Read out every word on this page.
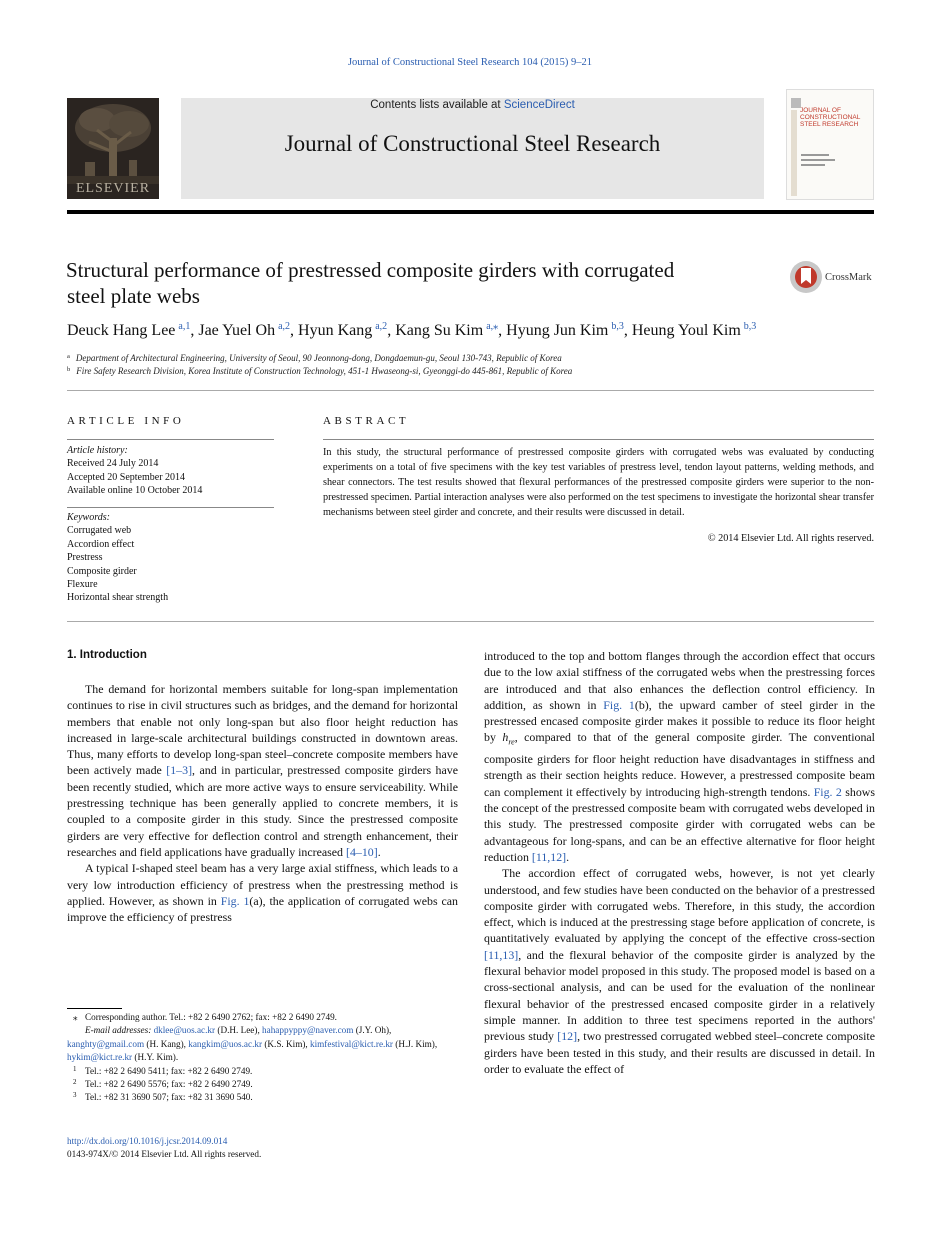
Journal of Constructional Steel Research 104 (2015) 9–21
ELSEVIER
Contents lists available at ScienceDirect
Journal of Constructional Steel Research
JOURNAL OF CONSTRUCTIONAL STEEL RESEARCH
Structural performance of prestressed composite girders with corrugated
steel plate webs
CrossMark
Deuck Hang Lee $^{a,1}$, Jae Yuel Oh $^{a,2}$, Hyun Kang $^{a,2}$, Kang Su Kim $^{a,⁎}$, Hyung Jun Kim $^{b,3}$, Heung Youl Kim $^{b,3}$
$^a$ Department of Architectural Engineering, University of Seoul, 90 Jeonnong-dong, Dongdaemun-gu, Seoul 130-743, Republic of Korea
$^b$ Fire Safety Research Division, Korea Institute of Construction Technology, 451-1 Hwaseong-si, Gyeonggi-do 445-861, Republic of Korea
ARTICLE INFO	ABSTRACT
Article history:
Received 24 July 2014
Accepted 20 September 2014
Available online 10 October 2014
Keywords:
Corrugated web
Accordion effect
Prestress
Composite girder
Flexure
Horizontal shear strength
In this study, the structural performance of prestressed composite girders with corrugated webs was evaluated by conducting experiments on a total of five specimens with the key test variables of prestress level, tendon layout patterns, welding methods, and shear connectors. The test results showed that flexural performances of the prestressed composite girders were superior to the non-prestressed specimen. Partial interaction analyses were also performed on the test specimens to investigate the horizontal shear transfer mechanisms between steel girder and concrete, and their results were discussed in detail.
© 2014 Elsevier Ltd. All rights reserved.
1. Introduction

The demand for horizontal members suitable for long-span implementation continues to rise in civil structures such as bridges, and the demand for horizontal members that enable not only long-span but also floor height reduction has increased in large-scale architectural buildings constructed in downtown areas. Thus, many efforts to develop long-span steel–concrete composite members have been actively made [1–3], and in particular, prestressed composite girders have been recently studied, which are more active ways to ensure serviceability. While prestressing technique has been generally applied to concrete members, it is coupled to a composite girder in this study. Since the prestressed composite girders are very effective for deflection control and strength enhancement, their researches and field applications have gradually increased [4–10].

A typical I-shaped steel beam has a very large axial stiffness, which leads to a very low introduction efficiency of prestress when the prestressing method is applied. However, as shown in Fig. 1(a), the application of corrugated webs can improve the efficiency of prestress

introduced to the top and bottom flanges through the accordion effect that occurs due to the low axial stiffness of the corrugated webs when the prestressing forces are introduced and that also enhances the deflection control efficiency. In addition, as shown in Fig. 1(b), the upward camber of steel girder in the prestressed encased composite girder makes it possible to reduce its floor height by $h_{re}$, compared to that of the general composite girder. The conventional composite girders for floor height reduction have disadvantages in stiffness and strength as their section heights reduce. However, a prestressed composite beam can complement it effectively by introducing high-strength tendons. Fig. 2 shows the concept of the prestressed composite beam with corrugated webs developed in this study. The prestressed composite girder with corrugated webs can be advantageous for long-spans, and can be an effective alternative for floor height reduction [11,12].

The accordion effect of corrugated webs, however, is not yet clearly understood, and few studies have been conducted on the behavior of a prestressed composite girder with corrugated webs. Therefore, in this study, the accordion effect, which is induced at the prestressing stage before application of concrete, is quantitatively evaluated by applying the concept of the effective cross-section [11,13], and the flexural behavior of the composite girder is analyzed by the flexural behavior model proposed in this study. The proposed model is based on a cross-sectional analysis, and can be used for the evaluation of the nonlinear flexural behavior of the prestressed encased composite girder in a relatively simple manner. In addition to three test specimens reported in the authors' previous study [12], two prestressed corrugated webbed steel–concrete composite girders have been tested in this study, and their results are discussed in detail. In order to evaluate the effect of

⁎ Corresponding author. Tel.: +82 2 6490 2762; fax: +82 2 6490 2749.
E-mail addresses: dklee@uos.ac.kr (D.H. Lee), hahappyppy@naver.com (J.Y. Oh), kanghty@gmail.com (H. Kang), kangkim@uos.ac.kr (K.S. Kim), kimfestival@kict.re.kr (H.J. Kim), hykim@kict.re.kr (H.Y. Kim).
1 Tel.: +82 2 6490 5411; fax: +82 2 6490 2749.
2 Tel.: +82 2 6490 5576; fax: +82 2 6490 2749.
3 Tel.: +82 31 3690 507; fax: +82 31 3690 540.
http://dx.doi.org/10.1016/j.jcsr.2014.09.014
0143-974X/© 2014 Elsevier Ltd. All rights reserved.
